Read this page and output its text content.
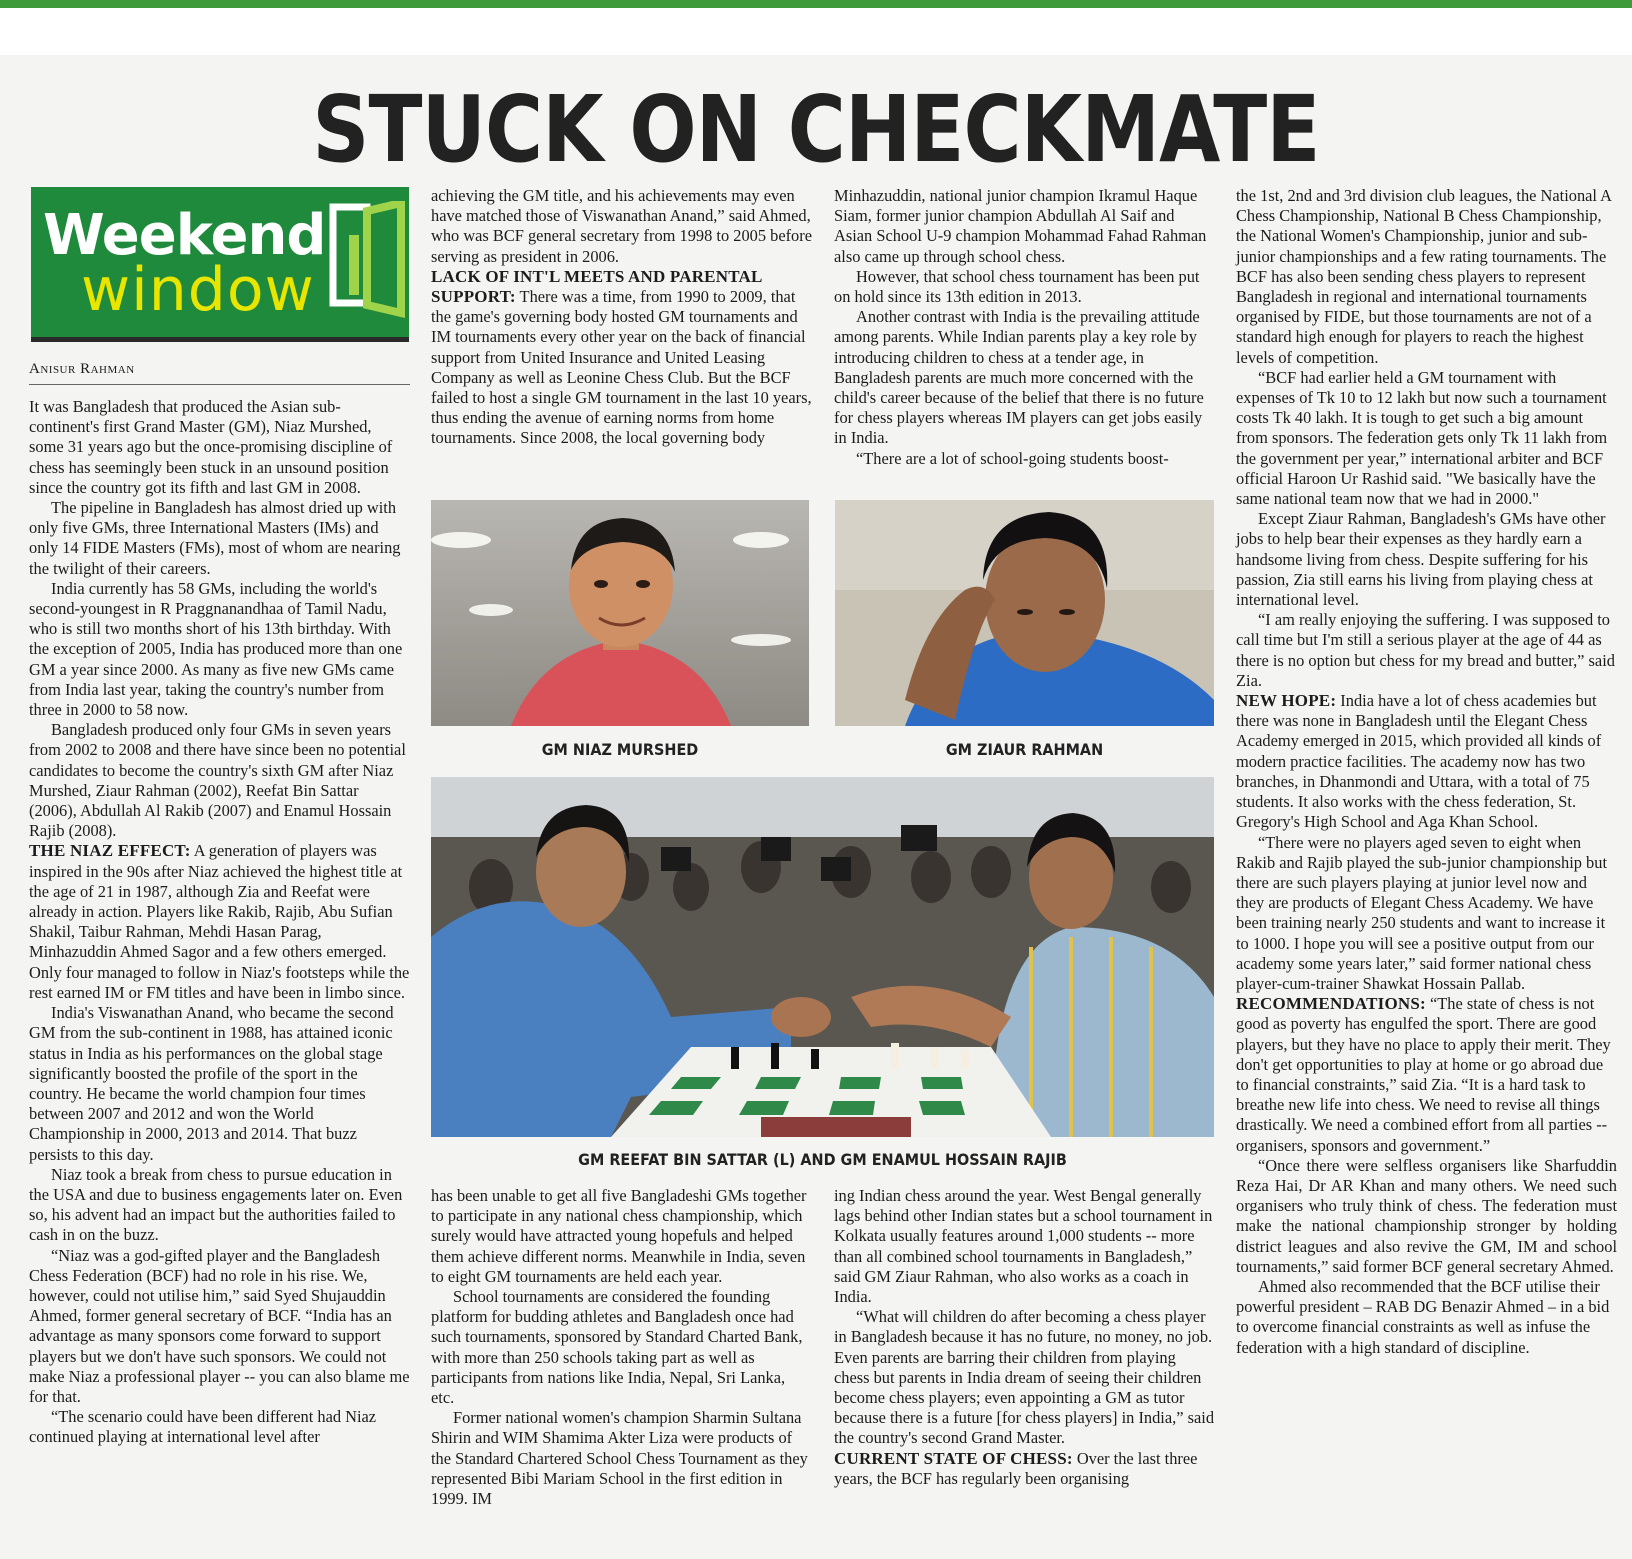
STUCK ON CHECKMATE
Weekend
window
Anisur Rahman

It was Bangladesh that produced the Asian sub-continent's first Grand Master (GM), Niaz Murshed, some 31 years ago but the once-promising discipline of chess has seemingly been stuck in an unsound position since the country got its fifth and last GM in 2008.

The pipeline in Bangladesh has almost dried up with only five GMs, three International Masters (IMs) and only 14 FIDE Masters (FMs), most of whom are nearing the twilight of their careers.

India currently has 58 GMs, including the world's second-youngest in R Praggnanandhaa of Tamil Nadu, who is still two months short of his 13th birthday. With the exception of 2005, India has produced more than one GM a year since 2000. As many as five new GMs came from India last year, taking the country's number from three in 2000 to 58 now.

Bangladesh produced only four GMs in seven years from 2002 to 2008 and there have since been no potential candidates to become the country's sixth GM after Niaz Murshed, Ziaur Rahman (2002), Reefat Bin Sattar (2006), Abdullah Al Rakib (2007) and Enamul Hossain Rajib (2008).

THE NIAZ EFFECT: A generation of players was inspired in the 90s after Niaz achieved the highest title at the age of 21 in 1987, although Zia and Reefat were already in action. Players like Rakib, Rajib, Abu Sufian Shakil, Taibur Rahman, Mehdi Hasan Parag, Minhazuddin Ahmed Sagor and a few others emerged. Only four managed to follow in Niaz's footsteps while the rest earned IM or FM titles and have been in limbo since.

India's Viswanathan Anand, who became the second GM from the sub-continent in 1988, has attained iconic status in India as his performances on the global stage significantly boosted the profile of the sport in the country. He became the world champion four times between 2007 and 2012 and won the World Championship in 2000, 2013 and 2014. That buzz persists to this day.

Niaz took a break from chess to pursue education in the USA and due to business engagements later on. Even so, his advent had an impact but the authorities failed to cash in on the buzz.

“Niaz was a god-gifted player and the Bangladesh Chess Federation (BCF) had no role in his rise. We, however, could not utilise him,” said Syed Shujauddin Ahmed, former general secretary of BCF. “India has an advantage as many sponsors come forward to support players but we don't have such sponsors. We could not make Niaz a professional player -- you can also blame me for that.

“The scenario could have been different had Niaz continued playing at international level after

achieving the GM title, and his achievements may even have matched those of Viswanathan Anand,” said Ahmed, who was BCF general secretary from 1998 to 2005 before serving as president in 2006.

LACK OF INT'L MEETS AND PARENTAL SUPPORT: There was a time, from 1990 to 2009, that the game's governing body hosted GM tournaments and IM tournaments every other year on the back of financial support from United Insurance and United Leasing Company as well as Leonine Chess Club. But the BCF failed to host a single GM tournament in the last 10 years, thus ending the avenue of earning norms from home tournaments. Since 2008, the local governing body

Minhazuddin, national junior champion Ikramul Haque Siam, former junior champion Abdullah Al Saif and Asian School U-9 champion Mohammad Fahad Rahman also came up through school chess.

However, that school chess tournament has been put on hold since its 13th edition in 2013.

Another contrast with India is the prevailing attitude among parents. While Indian parents play a key role by introducing children to chess at a tender age, in Bangladesh parents are much more concerned with the child's career because of the belief that there is no future for chess players whereas IM players can get jobs easily in India.

“There are a lot of school-going students boost-

GM NIAZ MURSHED	GM ZIAUR RAHMAN
GM REEFAT BIN SATTAR (L) AND GM ENAMUL HOSSAIN RAJIB

has been unable to get all five Bangladeshi GMs together to participate in any national chess championship, which surely would have attracted young hopefuls and helped them achieve different norms. Meanwhile in India, seven to eight GM tournaments are held each year.

School tournaments are considered the founding platform for budding athletes and Bangladesh once had such tournaments, sponsored by Standard Charted Bank, with more than 250 schools taking part as well as participants from nations like India, Nepal, Sri Lanka, etc.

Former national women's champion Sharmin Sultana Shirin and WIM Shamima Akter Liza were products of the Standard Chartered School Chess Tournament as they represented Bibi Mariam School in the first edition in 1999. IM

ing Indian chess around the year. West Bengal generally lags behind other Indian states but a school tournament in Kolkata usually features around 1,000 students -- more than all combined school tournaments in Bangladesh,” said GM Ziaur Rahman, who also works as a coach in India.

“What will children do after becoming a chess player in Bangladesh because it has no future, no money, no job. Even parents are barring their children from playing chess but parents in India dream of seeing their children become chess players; even appointing a GM as tutor because there is a future [for chess players] in India,” said the country's second Grand Master.

CURRENT STATE OF CHESS: Over the last three years, the BCF has regularly been organising

the 1st, 2nd and 3rd division club leagues, the National A Chess Championship, National B Chess Championship, the National Women's Championship, junior and sub-junior championships and a few rating tournaments. The BCF has also been sending chess players to represent Bangladesh in regional and international tournaments organised by FIDE, but those tournaments are not of a standard high enough for players to reach the highest levels of competition.

“BCF had earlier held a GM tournament with expenses of Tk 10 to 12 lakh but now such a tournament costs Tk 40 lakh. It is tough to get such a big amount from sponsors. The federation gets only Tk 11 lakh from the government per year,” international arbiter and BCF official Haroon Ur Rashid said. "We basically have the same national team now that we had in 2000."

Except Ziaur Rahman, Bangladesh's GMs have other jobs to help bear their expenses as they hardly earn a handsome living from chess. Despite suffering for his passion, Zia still earns his living from playing chess at international level.

“I am really enjoying the suffering. I was supposed to call time but I'm still a serious player at the age of 44 as there is no option but chess for my bread and butter,” said Zia.

NEW HOPE: India have a lot of chess academies but there was none in Bangladesh until the Elegant Chess Academy emerged in 2015, which provided all kinds of modern practice facilities. The academy now has two branches, in Dhanmondi and Uttara, with a total of 75 students. It also works with the chess federation, St. Gregory's High School and Aga Khan School.

“There were no players aged seven to eight when Rakib and Rajib played the sub-junior championship but there are such players playing at junior level now and they are products of Elegant Chess Academy. We have been training nearly 250 students and want to increase it to 1000. I hope you will see a positive output from our academy some years later,” said former national chess player-cum-trainer Shawkat Hossain Pallab.

RECOMMENDATIONS: “The state of chess is not good as poverty has engulfed the sport. There are good players, but they have no place to apply their merit. They don't get opportunities to play at home or go abroad due to financial constraints,” said Zia. “It is a hard task to breathe new life into chess. We need to revise all things drastically. We need a combined effort from all parties -- organisers, sponsors and government.”

“Once there were selfless organisers like Sharfuddin Reza Hai, Dr AR Khan and many others. We need such organisers who truly think of chess. The federation must make the national championship stronger by holding district leagues and also revive the GM, IM and school tournaments,” said former BCF general secretary Ahmed.

Ahmed also recommended that the BCF utilise their powerful president – RAB DG Benazir Ahmed – in a bid to overcome financial constraints as well as infuse the federation with a high standard of discipline.
